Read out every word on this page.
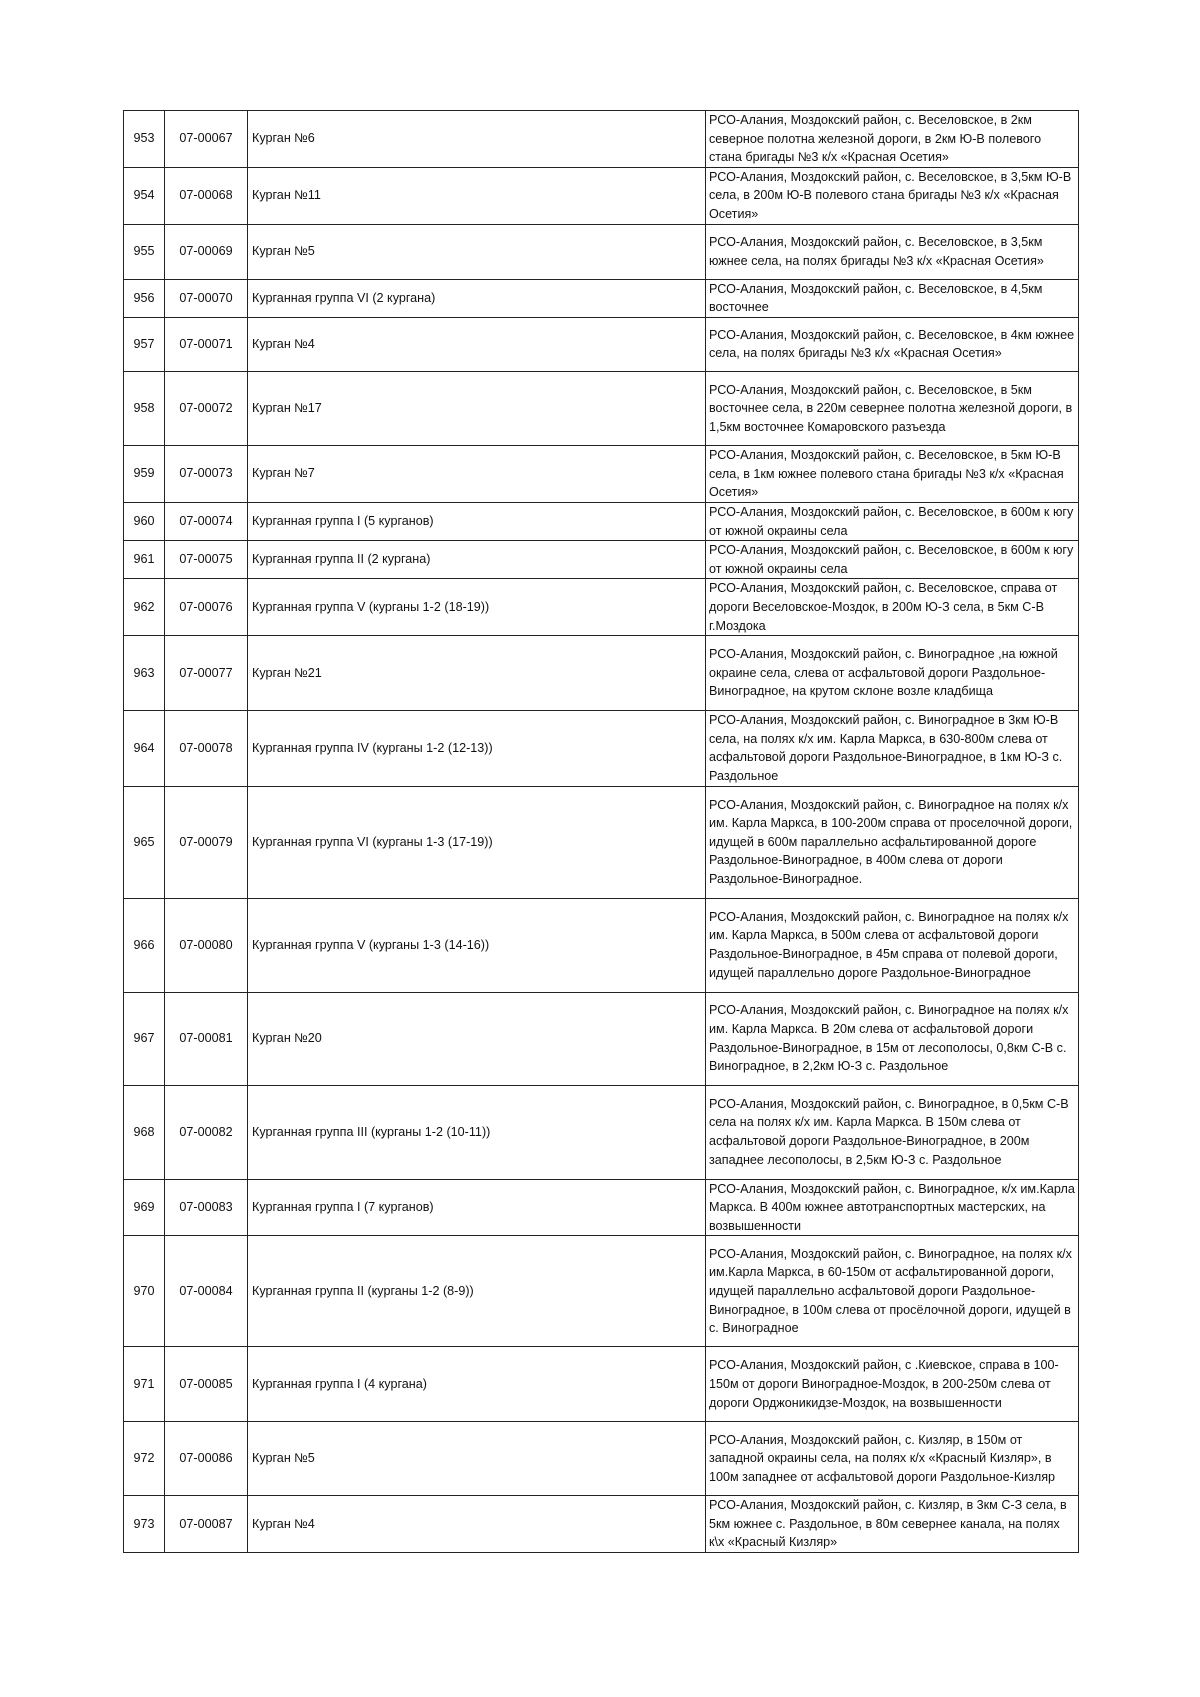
953	07-00067	Курган №6	РСО-Алания, Моздокский район, с. Веселовское, в 2км северное полотна железной дороги, в 2км Ю-В полевого стана бригады №3 к/х «Красная Осетия»
954	07-00068	Курган №11	РСО-Алания, Моздокский район, с. Веселовское, в 3,5км Ю-В села, в 200м Ю-В полевого стана бригады №3 к/х «Красная Осетия»
955	07-00069	Курган №5	РСО-Алания, Моздокский район, с. Веселовское, в 3,5км южнее села, на полях бригады №3 к/х «Красная Осетия»
956	07-00070	Курганная группа VI (2 кургана)	РСО-Алания, Моздокский район, с. Веселовское, в 4,5км восточнее
957	07-00071	Курган №4	РСО-Алания, Моздокский район, с. Веселовское, в 4км южнее села, на полях бригады №3 к/х «Красная Осетия»
958	07-00072	Курган №17	РСО-Алания, Моздокский район, с. Веселовское, в 5км восточнее села, в 220м севернее полотна железной дороги, в 1,5км восточнее Комаровского разъезда
959	07-00073	Курган №7	РСО-Алания, Моздокский район, с. Веселовское, в 5км Ю-В села, в 1км южнее полевого стана бригады №3 к/х «Красная Осетия»
960	07-00074	Курганная группа I (5 курганов)	РСО-Алания, Моздокский район, с. Веселовское, в 600м к югу от южной окраины села
961	07-00075	Курганная группа II (2 кургана)	РСО-Алания, Моздокский район, с. Веселовское, в 600м к югу от южной окраины села
962	07-00076	Курганная группа V (курганы 1-2 (18-19))	РСО-Алания, Моздокский район, с. Веселовское, справа от дороги Веселовское-Моздок, в 200м Ю-З села, в 5км С-В г.Моздока
963	07-00077	Курган №21	РСО-Алания, Моздокский район, с. Виноградное ,на южной окраине села, слева от асфальтовой дороги Раздольное-Виноградное, на крутом склоне возле кладбища
964	07-00078	Курганная группа IV (курганы 1-2 (12-13))	РСО-Алания, Моздокский район, с. Виноградное в 3км Ю-В села, на полях к/х им. Карла Маркса, в 630-800м слева от асфальтовой дороги Раздольное-Виноградное, в 1км Ю-З с. Раздольное
965	07-00079	Курганная группа VI (курганы 1-3 (17-19))	РСО-Алания, Моздокский район, с. Виноградное на полях к/х им. Карла Маркса, в 100-200м справа от проселочной дороги, идущей в 600м параллельно асфальтированной дороге Раздольное-Виноградное, в 400м слева от дороги Раздольное-Виноградное.
966	07-00080	Курганная группа V (курганы 1-3 (14-16))	РСО-Алания, Моздокский район, с. Виноградное на полях к/х им. Карла Маркса, в 500м слева от асфальтовой дороги Раздольное-Виноградное, в 45м справа от полевой дороги, идущей параллельно дороге Раздольное-Виноградное
967	07-00081	Курган №20	РСО-Алания, Моздокский район, с. Виноградное на полях к/х им. Карла Маркса. В 20м слева от асфальтовой дороги Раздольное-Виноградное, в 15м от лесополосы, 0,8км С-В с. Виноградное, в 2,2км Ю-З с. Раздольное
968	07-00082	Курганная группа III (курганы 1-2 (10-11))	РСО-Алания, Моздокский район, с. Виноградное, в 0,5км С-В села на полях к/х им. Карла Маркса. В 150м слева от асфальтовой дороги Раздольное-Виноградное, в 200м западнее лесополосы, в 2,5км Ю-З с. Раздольное
969	07-00083	Курганная группа I (7 курганов)	РСО-Алания, Моздокский район, с. Виноградное, к/х им.Карла Маркса. В 400м южнее автотранспортных мастерских, на возвышенности
970	07-00084	Курганная группа II (курганы 1-2 (8-9))	РСО-Алания, Моздокский район, с. Виноградное, на полях к/х им.Карла Маркса, в 60-150м от асфальтированной дороги, идущей параллельно асфальтовой дороги Раздольное-Виноградное, в 100м слева от просёлочной дороги, идущей в с. Виноградное
971	07-00085	Курганная группа I (4 кургана)	РСО-Алания, Моздокский район, с .Киевское, справа в 100-150м от дороги Виноградное-Моздок, в 200-250м слева от дороги Орджоникидзе-Моздок, на возвышенности
972	07-00086	Курган №5	РСО-Алания, Моздокский район, с. Кизляр, в 150м от западной окраины села, на полях к/х «Красный Кизляр», в 100м западнее от асфальтовой дороги Раздольное-Кизляр
973	07-00087	Курган №4	РСО-Алания, Моздокский район, с. Кизляр, в 3км С-З села, в 5км южнее с. Раздольное, в 80м севернее канала, на полях к\х «Красный Кизляр»
